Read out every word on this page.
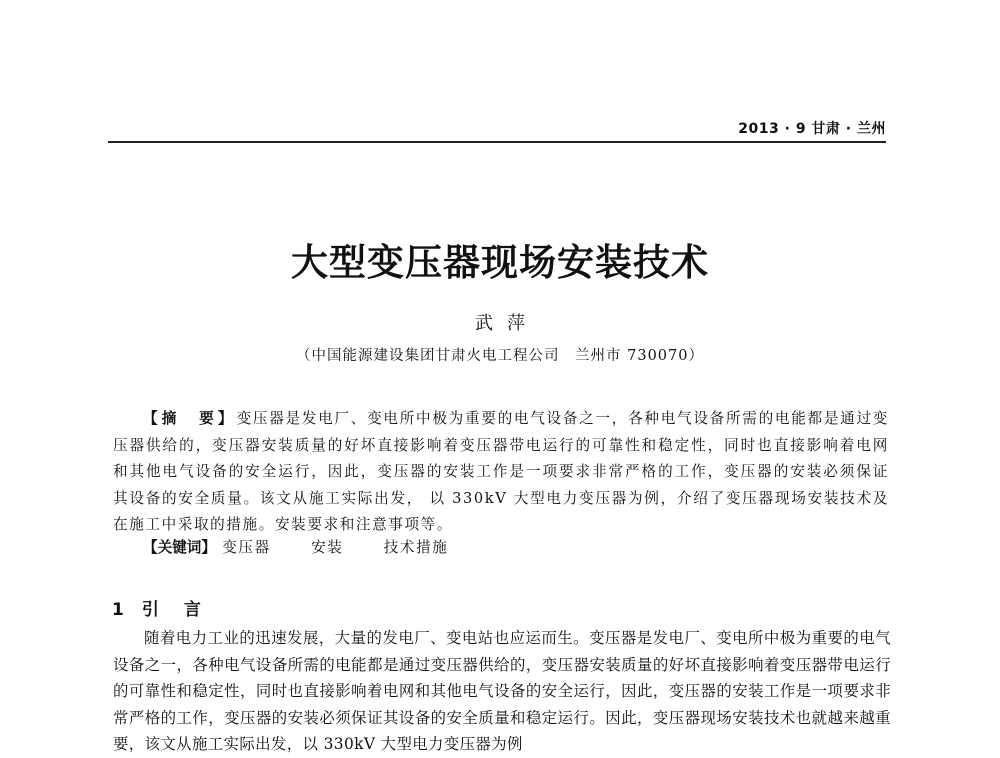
2013 · 9 甘肃 · 兰州
大型变压器现场安装技术
武萍
（中国能源建设集团甘肃火电工程公司　兰州市 730070）
【摘　要】变压器是发电厂、变电所中极为重要的电气设备之一，各种电气设备所需的电能都是通过变压器供给的，变压器安装质量的好坏直接影响着变压器带电运行的可靠性和稳定性，同时也直接影响着电网和其他电气设备的安全运行，因此，变压器的安装工作是一项要求非常严格的工作，变压器的安装必须保证其设备的安全质量。该文从施工实际出发， 以 330kV 大型电力变压器为例，介绍了变压器现场安装技术及在施工中采取的措施。安装要求和注意事项等。
【关键词】 变压器	安装	技术措施
1 引　言
随着电力工业的迅速发展，大量的发电厂、变电站也应运而生。变压器是发电厂、变电所中极为重要的电气设备之一，各种电气设备所需的电能都是通过变压器供给的，变压器安装质量的好坏直接影响着变压器带电运行的可靠性和稳定性，同时也直接影响着电网和其他电气设备的安全运行，因此，变压器的安装工作是一项要求非常严格的工作，变压器的安装必须保证其设备的安全质量和稳定运行。因此，变压器现场安装技术也就越来越重要，该文从施工实际出发，以 330kV 大型电力变压器为例
